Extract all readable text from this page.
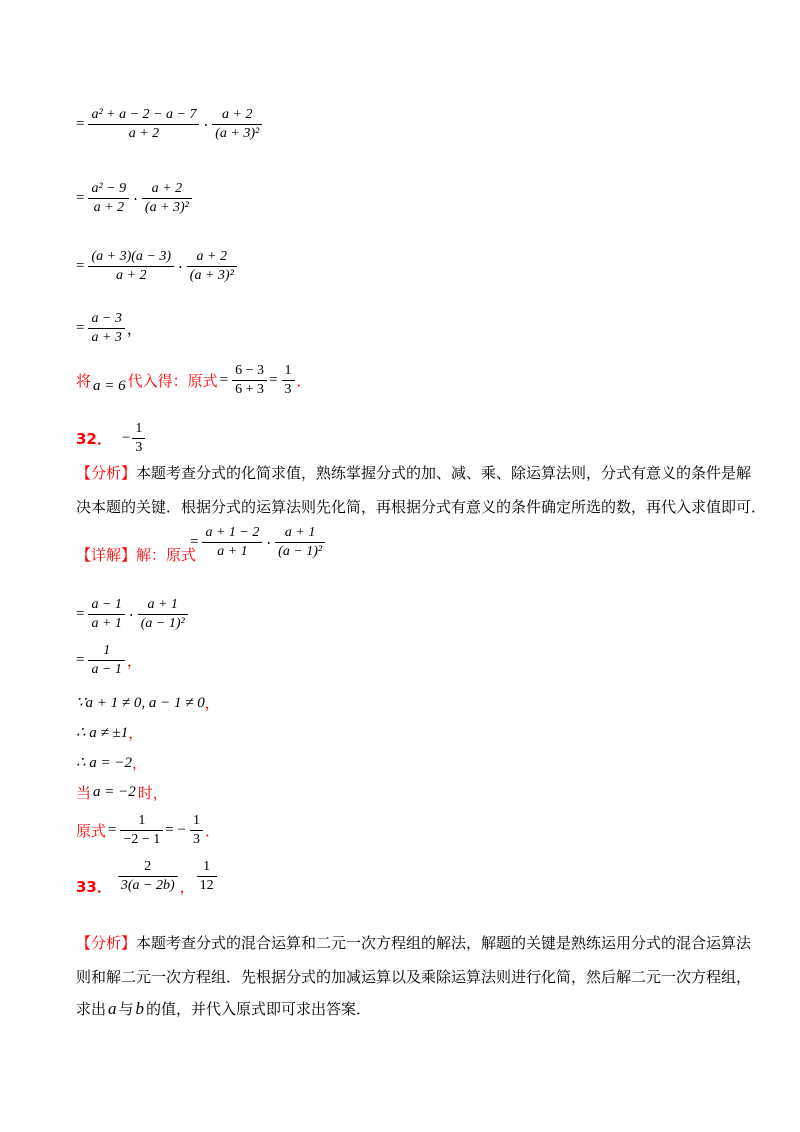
= $\frac{\text{a² + a − 2 − a − 7}}{a + 2} \cdot \frac{a + 2}{\text{(a + 3)²}}$
= $\frac{\text{a² − 9}}{a + 2} \cdot \frac{a + 2}{\text{(a + 3)²}}$
= $\frac{(a + 3)(a - 3)}{a + 2} \cdot \frac{a + 2}{\text{(a + 3)²}}$
= $\frac{a - 3}{a + 3}$ ，
将 a = 6 代入得：原式 = $\frac{6 - 3}{6 + 3} = \frac{1}{3}$ ．
32． − $\frac{1}{3}$
【分析】本题考查分式的化简求值，熟练掌握分式的加、减、乘、除运算法则，分式有意义的条件是解
决本题的关键．根据分式的运算法则先化简，再根据分式有意义的条件确定所选的数，再代入求值即可．
【详解】解：原式
= $\frac{a + 1 - 2}{a + 1} \cdot \frac{a + 1}{\text{(a − 1)²}}$
= $\frac{a - 1}{a + 1} \cdot \frac{a + 1}{\text{(a − 1)²}}$
= $\frac{1}{a - 1}$ ，
∵a + 1 ≠ 0, a − 1 ≠ 0 ，
∴ a ≠ ±1 ，
∴ a = −2 ，
当 a = −2 时，
原式 = $\frac{1}{-2 - 1}$ = − $\frac{1}{3}$ ．
33． $\frac{2}{3(a - 2b)}$ ， $\frac{1}{12}$
【分析】本题考查分式的混合运算和二元一次方程组的解法，解题的关键是熟练运用分式的混合运算法
则和解二元一次方程组．先根据分式的加减运算以及乘除运算法则进行化简，然后解二元一次方程组，
求出 a 与 b 的值，并代入原式即可求出答案．
